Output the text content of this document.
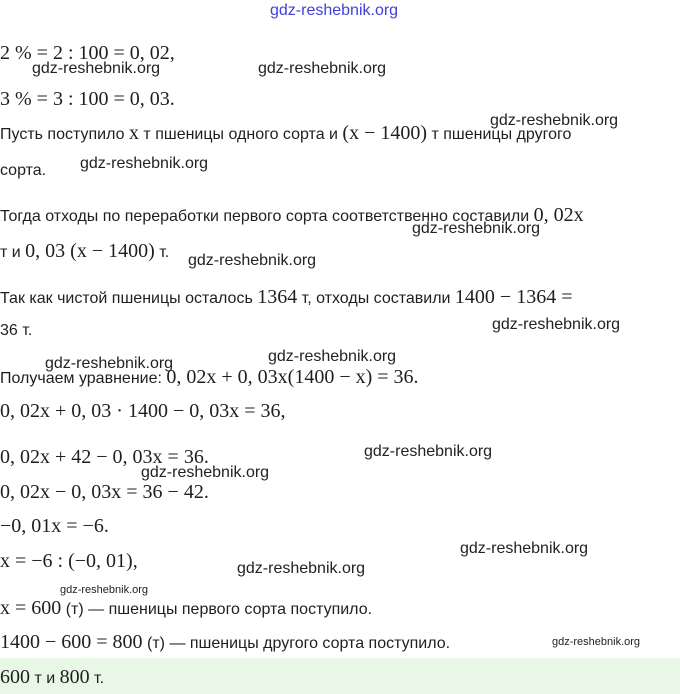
gdz-reshebnik.org
gdz-reshebnik.org	gdz-reshebnik.org
gdz-reshebnik.org
gdz-reshebnik.org
gdz-reshebnik.org
gdz-reshebnik.org
gdz-reshebnik.org
gdz-reshebnik.org	gdz-reshebnik.org
gdz-reshebnik.org
gdz-reshebnik.org
gdz-reshebnik.org
gdz-reshebnik.org
gdz-reshebnik.org
gdz-reshebnik.org
2 % = 2 : 100 = 0, 02,
3 % = 3 : 100 = 0, 03.
Пусть поступило x т пшеницы одного сорта и (x − 1400) т пшеницы другого
сорта.
Тогда отходы по переработки первого сорта соответственно составили 0, 02x
т и 0, 03 (x − 1400) т.
Так как чистой пшеницы осталось 1364 т, отходы составили 1400 − 1364 =
36 т.
Получаем уравнение: 0, 02x + 0, 03x(1400 − x) = 36.
0, 02x + 0, 03 · 1400 − 0, 03x = 36,
0, 02x + 42 − 0, 03x = 36.
0, 02x − 0, 03x = 36 − 42.
−0, 01x = −6.
x = −6 : (−0, 01),
x = 600 (т) — пшеницы первого сорта поступило.
1400 − 600 = 800 (т) — пшеницы другого сорта поступило.
600 т и 800 т.
